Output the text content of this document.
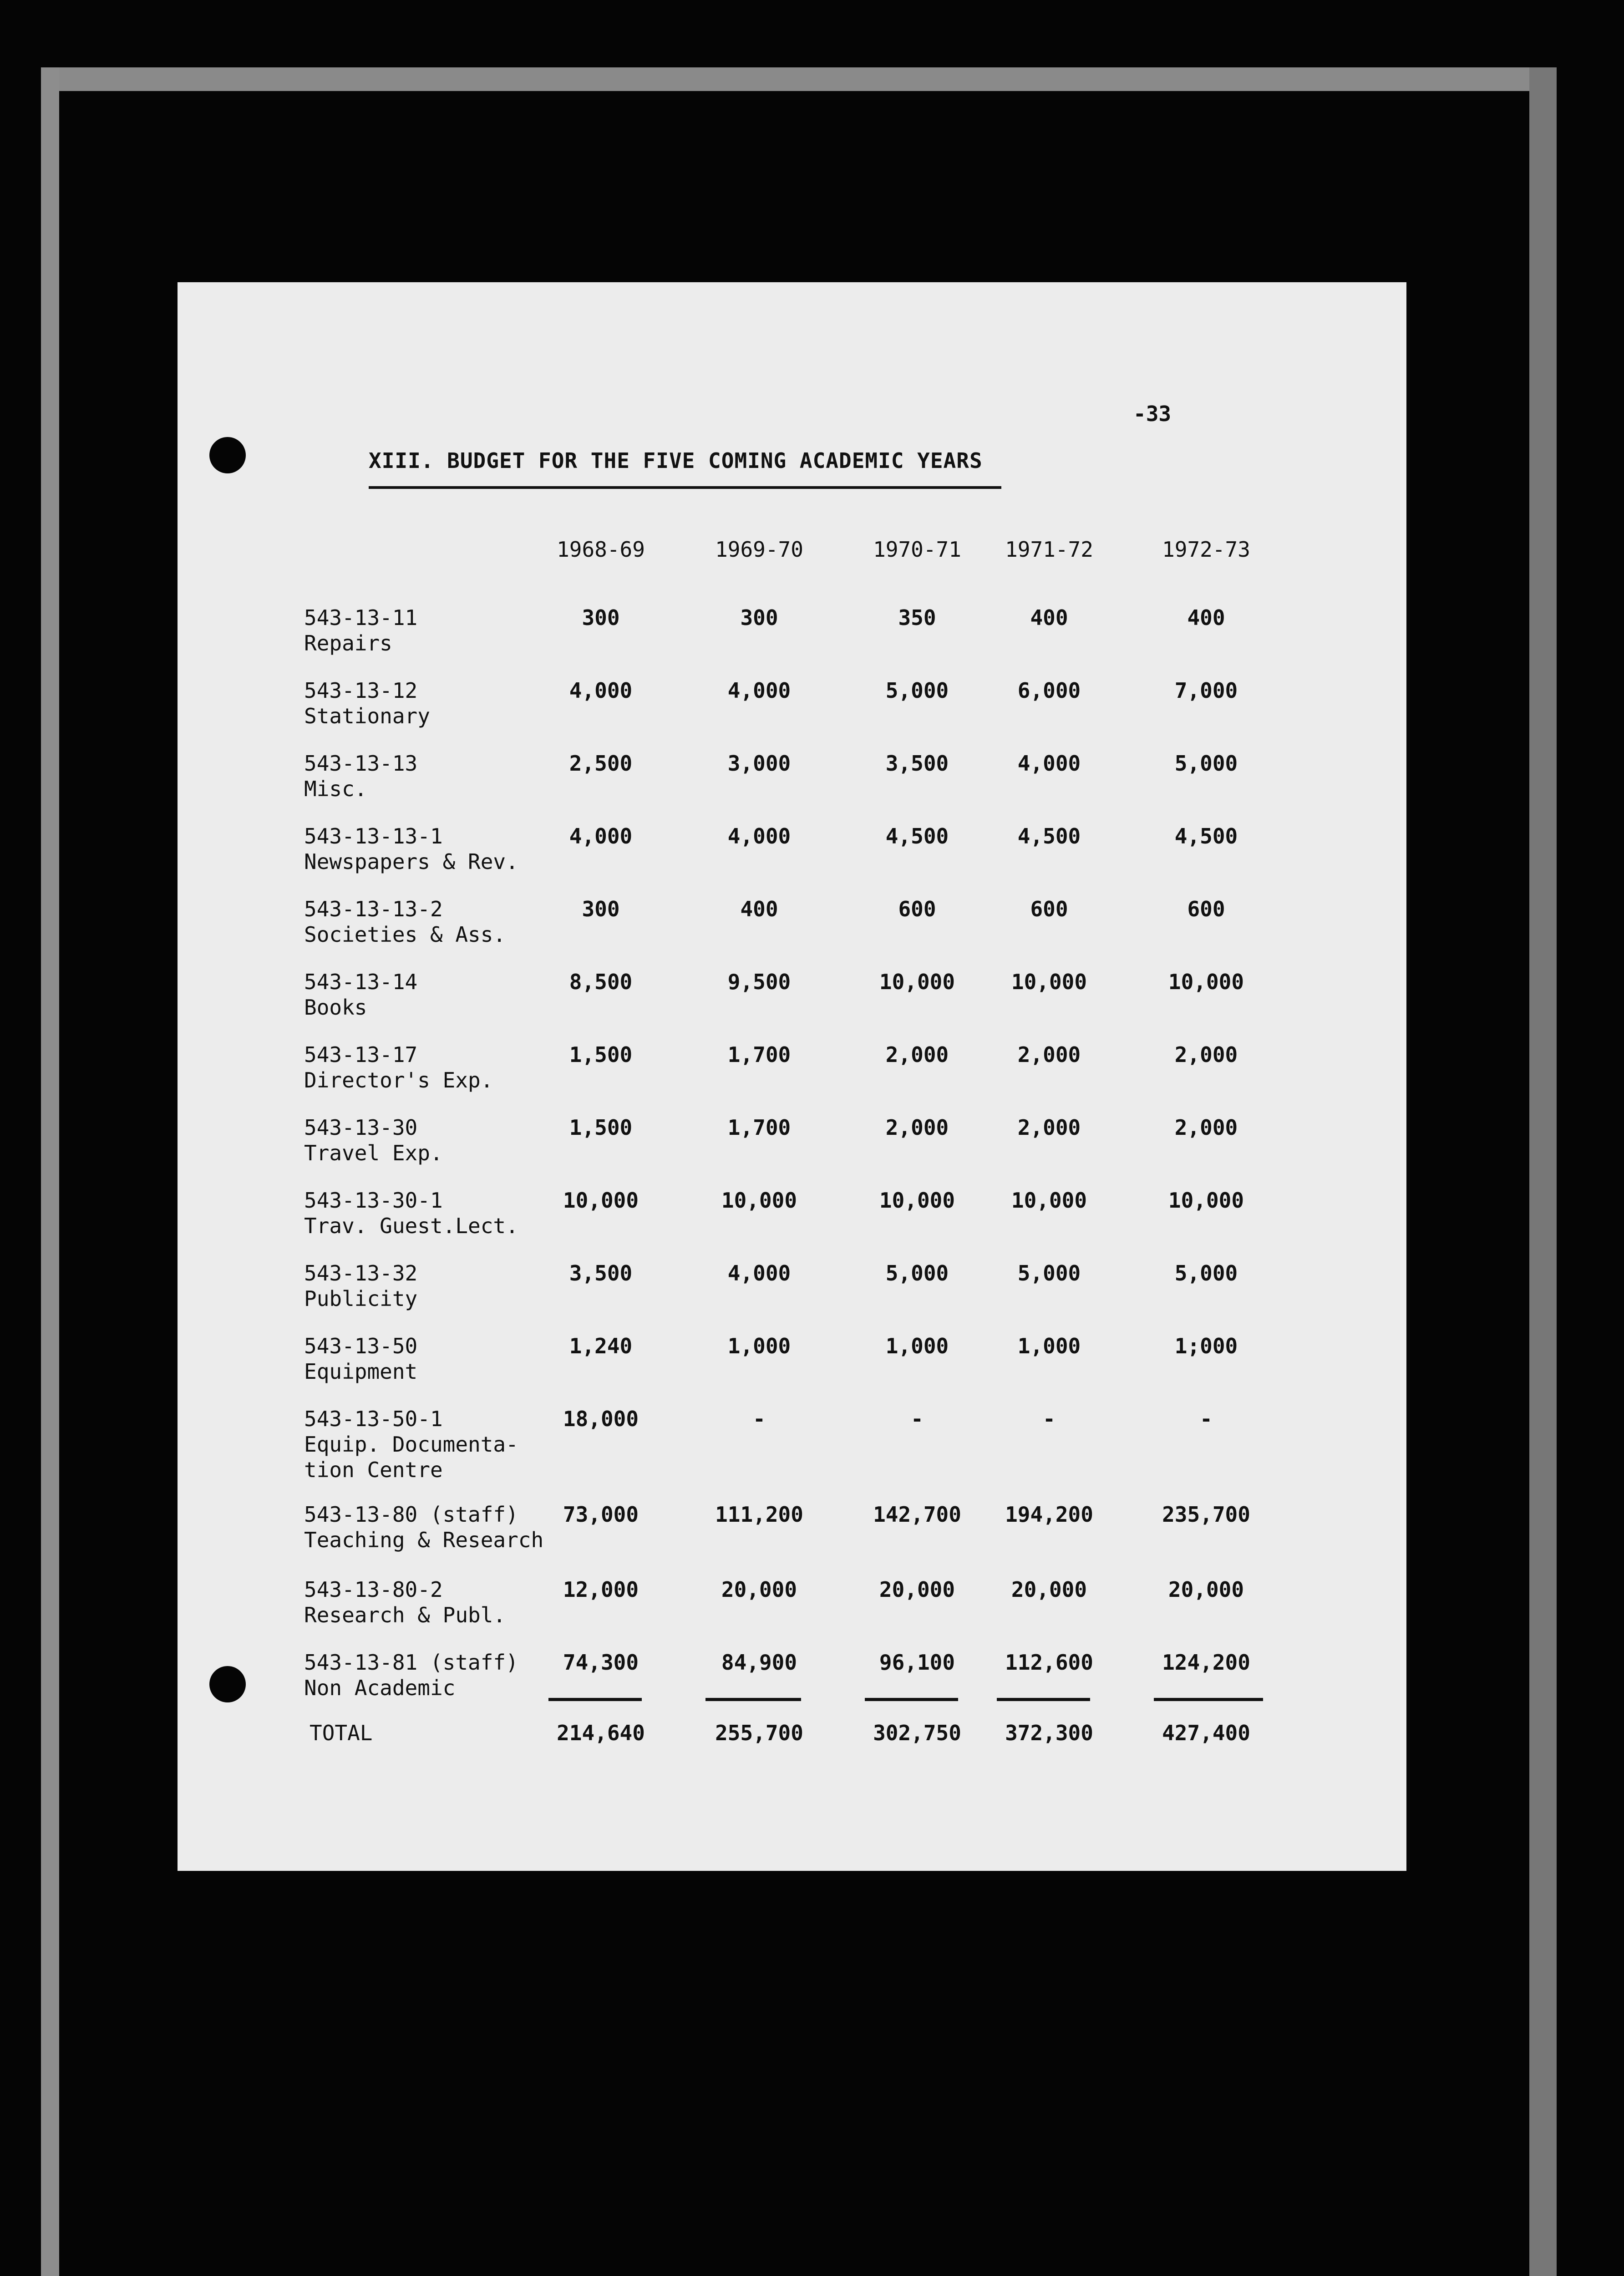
-33
XIII. BUDGET FOR THE FIVE COMING ACADEMIC YEARS
1968-69	1969-70	1970-71	1971-72	1972-73
543-13-11
Repairs
300	300	350	400	400
543-13-12
Stationary
4,000	4,000	5,000	6,000	7,000
543-13-13
Misc.
2,500	3,000	3,500	4,000	5,000
543-13-13-1
Newspapers & Rev.
4,000	4,000	4,500	4,500	4,500
543-13-13-2
Societies & Ass.
300	400	600	600	600
543-13-14
Books
8,500	9,500	10,000	10,000	10,000
543-13-17
Director's Exp.
1,500	1,700	2,000	2,000	2,000
543-13-30
Travel Exp.
1,500	1,700	2,000	2,000	2,000
543-13-30-1
Trav. Guest.Lect.
10,000	10,000	10,000	10,000	10,000
543-13-32
Publicity
3,500	4,000	5,000	5,000	5,000
543-13-50
Equipment
1,240	1,000	1,000	1,000	1;000
543-13-50-1
Equip. Documenta-
tion Centre
18,000	-	-	-	-
543-13-80 (staff)
Teaching & Research
73,000	111,200	142,700	194,200	235,700
543-13-80-2
Research & Publ.
12,000	20,000	20,000	20,000	20,000
543-13-81 (staff)
Non Academic
74,300	84,900	96,100	112,600	124,200
TOTAL	214,640	255,700	302,750	372,300	427,400
